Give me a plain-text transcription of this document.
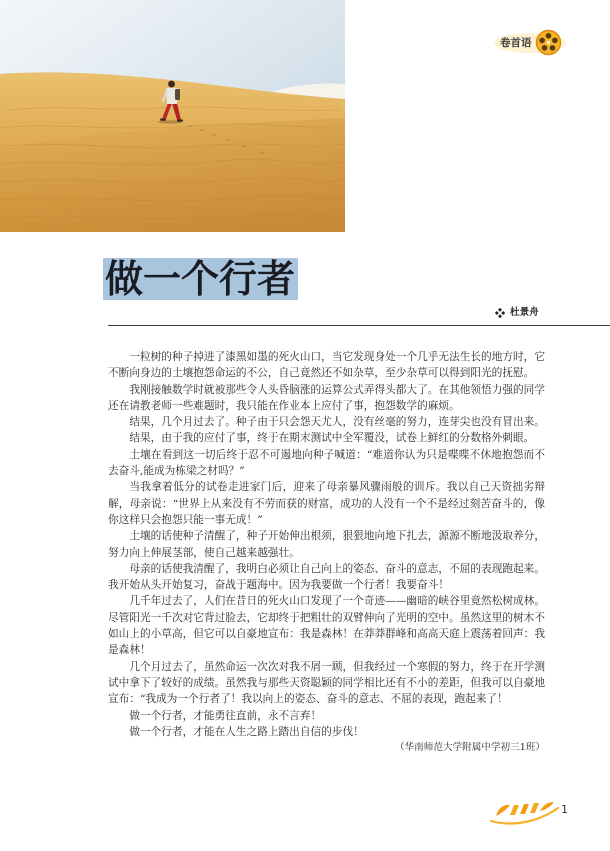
卷首语
做一个行者
杜景舟

一粒树的种子掉进了漆黑如墨的死火山口，当它发现身处一个几乎无法生长的地方时，它不断向身边的土壤抱怨命运的不公，自己竟然还不如杂草，至少杂草可以得到阳光的抚慰。

我刚接触数学时就被那些令人头昏脑涨的运算公式弄得头都大了。在其他领悟力强的同学还在请教老师一些难题时，我只能在作业本上应付了事，抱怨数学的麻烦。

结果，几个月过去了。种子由于只会怨天尤人，没有丝毫的努力，连芽尖也没有冒出来。

结果，由于我的应付了事，终于在期末测试中全军覆没，试卷上鲜红的分数格外刺眼。

土壤在看到这一切后终于忍不可遏地向种子喊道：“难道你认为只是喋喋不休地抱怨而不去奋斗,能成为栋梁之材吗？”

当我拿着低分的试卷走进家门后，迎来了母亲暴风骤雨般的训斥。我以自己天资拙劣辩解，母亲说：“世界上从来没有不劳而获的财富，成功的人没有一个不是经过刻苦奋斗的，像你这样只会抱怨只能一事无成！”

土壤的话使种子清醒了，种子开始伸出根须，狠狠地向地下扎去，源源不断地汲取养分，努力向上伸展茎部，使自己越来越强壮。

母亲的话使我清醒了，我明白必须让自己向上的姿态、奋斗的意志，不屈的表现跑起来。我开始从头开始复习，奋战于题海中。因为我要做一个行者！我要奋斗！

几千年过去了，人们在昔日的死火山口发现了一个奇迹——幽暗的峡谷里竟然松树成林。尽管阳光一千次对它背过脸去，它却终于把粗壮的双臂伸向了光明的空中。虽然这里的树木不如山上的小草高，但它可以自豪地宣布：我是森林！在莽莽群峰和高高天庭上震荡着回声：我是森林！

几个月过去了，虽然命运一次次对我不屑一顾，但我经过一个寒假的努力，终于在开学测试中拿下了较好的成绩。虽然我与那些天资聪颖的同学相比还有不小的差距，但我可以自豪地宣布：“我成为一个行者了！我以向上的姿态、奋斗的意志、不屈的表现，跑起来了！

做一个行者，才能勇往直前，永不言弃！

做一个行者，才能在人生之路上踏出自信的步伐！

（华南师范大学附属中学初三1班）
1
